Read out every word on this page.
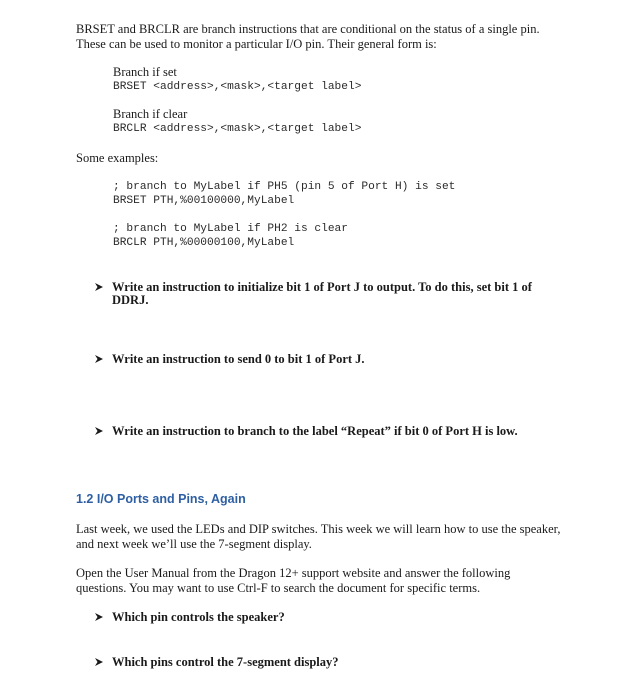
BRSET and BRCLR are branch instructions that are conditional on the status of a single pin.
These can be used to monitor a particular I/O pin. Their general form is:
Branch if set
BRSET <address>,<mask>,<target label>
Branch if clear
BRCLR <address>,<mask>,<target label>
Some examples:
; branch to MyLabel if PH5 (pin 5 of Port H) is set
BRSET PTH,%00100000,MyLabel
; branch to MyLabel if PH2 is clear
BRCLR PTH,%00000100,MyLabel
Write an instruction to initialize bit 1 of Port J to output. To do this, set bit 1 of
DDRJ.
Write an instruction to send 0 to bit 1 of Port J.
Write an instruction to branch to the label “Repeat” if bit 0 of Port H is low.
1.2 I/O Ports and Pins, Again
Last week, we used the LEDs and DIP switches. This week we will learn how to use the speaker,
and next week we’ll use the 7-segment display.
Open the User Manual from the Dragon 12+ support website and answer the following
questions. You may want to use Ctrl-F to search the document for specific terms.
Which pin controls the speaker?
Which pins control the 7-segment display?
